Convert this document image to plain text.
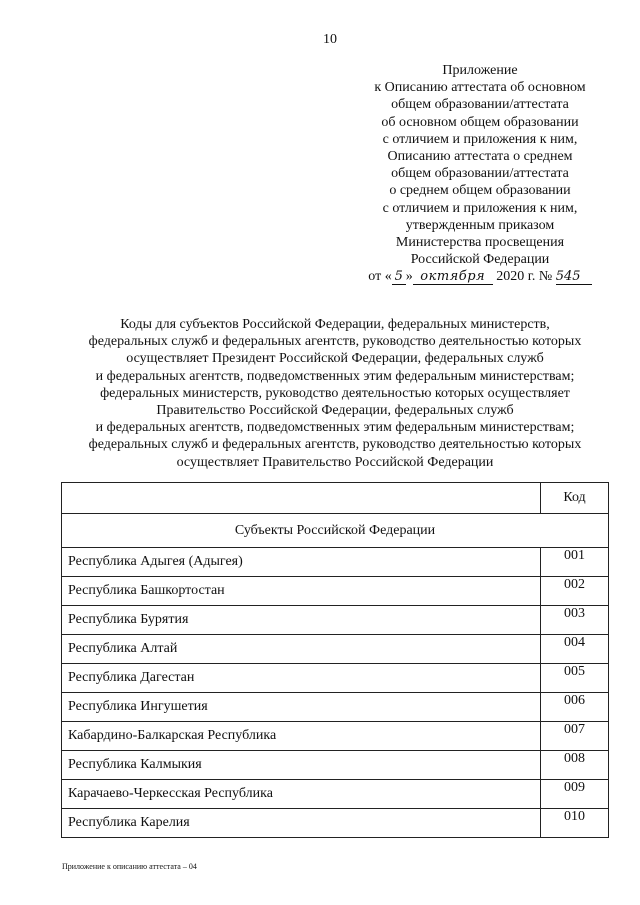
10
Приложение
к Описанию аттестата об основном
общем образовании/аттестата
об основном общем образовании
с отличием и приложения к ним,
Описанию аттестата о среднем
общем образовании/аттестата
о среднем общем образовании
с отличием и приложения к ним,
утвержденным приказом
Министерства просвещения
Российской Федерации
от « 5 » октября 2020 г. № 545
Коды для субъектов Российской Федерации, федеральных министерств,
федеральных служб и федеральных агентств, руководство деятельностью которых
осуществляет Президент Российской Федерации, федеральных служб
и федеральных агентств, подведомственных этим федеральным министерствам;
федеральных министерств, руководство деятельностью которых осуществляет
Правительство Российской Федерации, федеральных служб
и федеральных агентств, подведомственных этим федеральным министерствам;
федеральных служб и федеральных агентств, руководство деятельностью которых
осуществляет Правительство Российской Федерации
	Код
Субъекты Российской Федерации	
Республика Адыгея (Адыгея)	001
Республика Башкортостан	002
Республика Бурятия	003
Республика Алтай	004
Республика Дагестан	005
Республика Ингушетия	006
Кабардино-Балкарская Республика	007
Республика Калмыкия	008
Карачаево-Черкесская Республика	009
Республика Карелия	010
Приложение к описанию аттестата – 04
